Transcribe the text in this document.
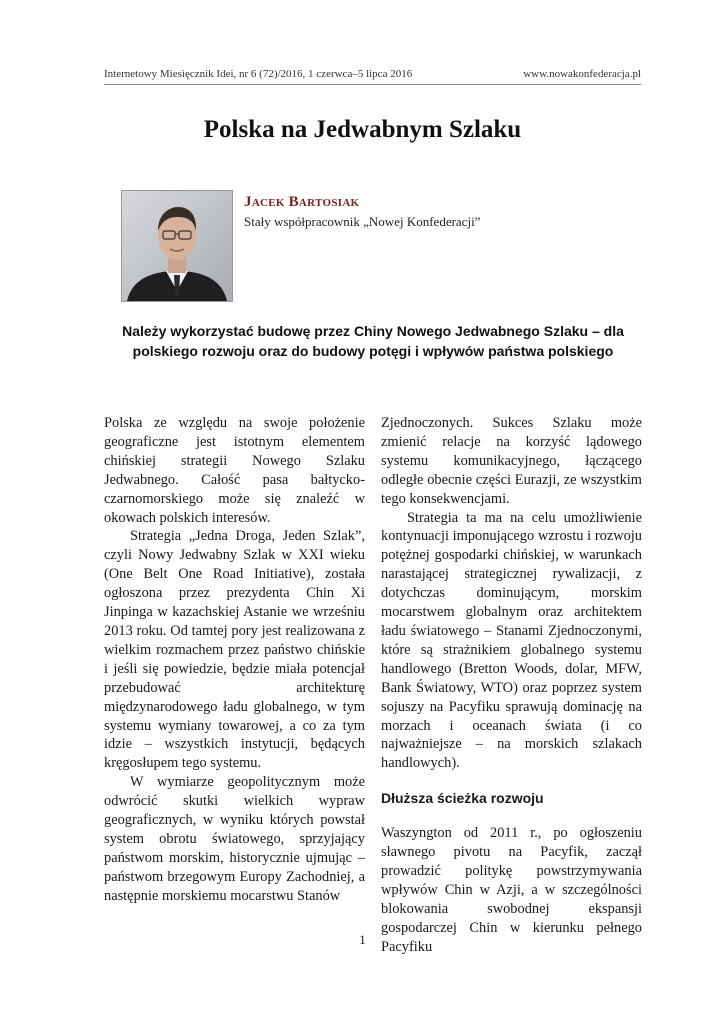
Internetowy Miesięcznik Idei, nr 6 (72)/2016, 1 czerwca–5 lipca 2016	www.nowakonfederacja.pl
Polska na Jedwabnym Szlaku
JACEK BARTOSIAK
Stały współpracownik „Nowej Konfederacji”
Należy wykorzystać budowę przez Chiny Nowego Jedwabnego Szlaku – dla polskiego rozwoju oraz do budowy potęgi i wpływów państwa polskiego

Polska ze względu na swoje położenie geograficzne jest istotnym elementem chińskiej strategii Nowego Szlaku Jedwabnego. Całość pasa bałtycko-czarnomorskiego może się znaleźć w okowach polskich interesów.

Strategia „Jedna Droga, Jeden Szlak”, czyli Nowy Jedwabny Szlak w XXI wieku (One Belt One Road Initiative), została ogłoszona przez prezydenta Chin Xi Jinpinga w kazachskiej Astanie we wrześniu 2013 roku. Od tamtej pory jest realizowana z wielkim rozmachem przez państwo chińskie i jeśli się powiedzie, będzie miała potencjał przebudować architekturę międzynarodowego ładu globalnego, w tym systemu wymiany towarowej, a co za tym idzie – wszystkich instytucji, będących kręgosłupem tego systemu.

W wymiarze geopolitycznym może odwrócić skutki wielkich wypraw geograficznych, w wyniku których powstał system obrotu światowego, sprzyjający państwom morskim, historycznie ujmując – państwom brzegowym Europy Zachodniej, a następnie morskiemu mocarstwu Stanów

Zjednoczonych. Sukces Szlaku może zmienić relacje na korzyść lądowego systemu komunikacyjnego, łączącego odległe obecnie części Eurazji, ze wszystkim tego konsekwencjami.

Strategia ta ma na celu umożliwienie kontynuacji imponującego wzrostu i rozwoju potężnej gospodarki chińskiej, w warunkach narastającej strategicznej rywalizacji, z dotychczas dominującym, morskim mocarstwem globalnym oraz architektem ładu światowego – Stanami Zjednoczonymi, które są strażnikiem globalnego systemu handlowego (Bretton Woods, dolar, MFW, Bank Światowy, WTO) oraz poprzez system sojuszy na Pacyfiku sprawują dominację na morzach i oceanach świata (i co najważniejsze – na morskich szlakach handlowych).

Dłuższa ścieżka rozwoju

Waszyngton od 2011 r., po ogłoszeniu sławnego pivotu na Pacyfik, zaczął prowadzić politykę powstrzymywania wpływów Chin w Azji, a w szczególności blokowania swobodnej ekspansji gospodarczej Chin w kierunku pełnego Pacyfiku

1
